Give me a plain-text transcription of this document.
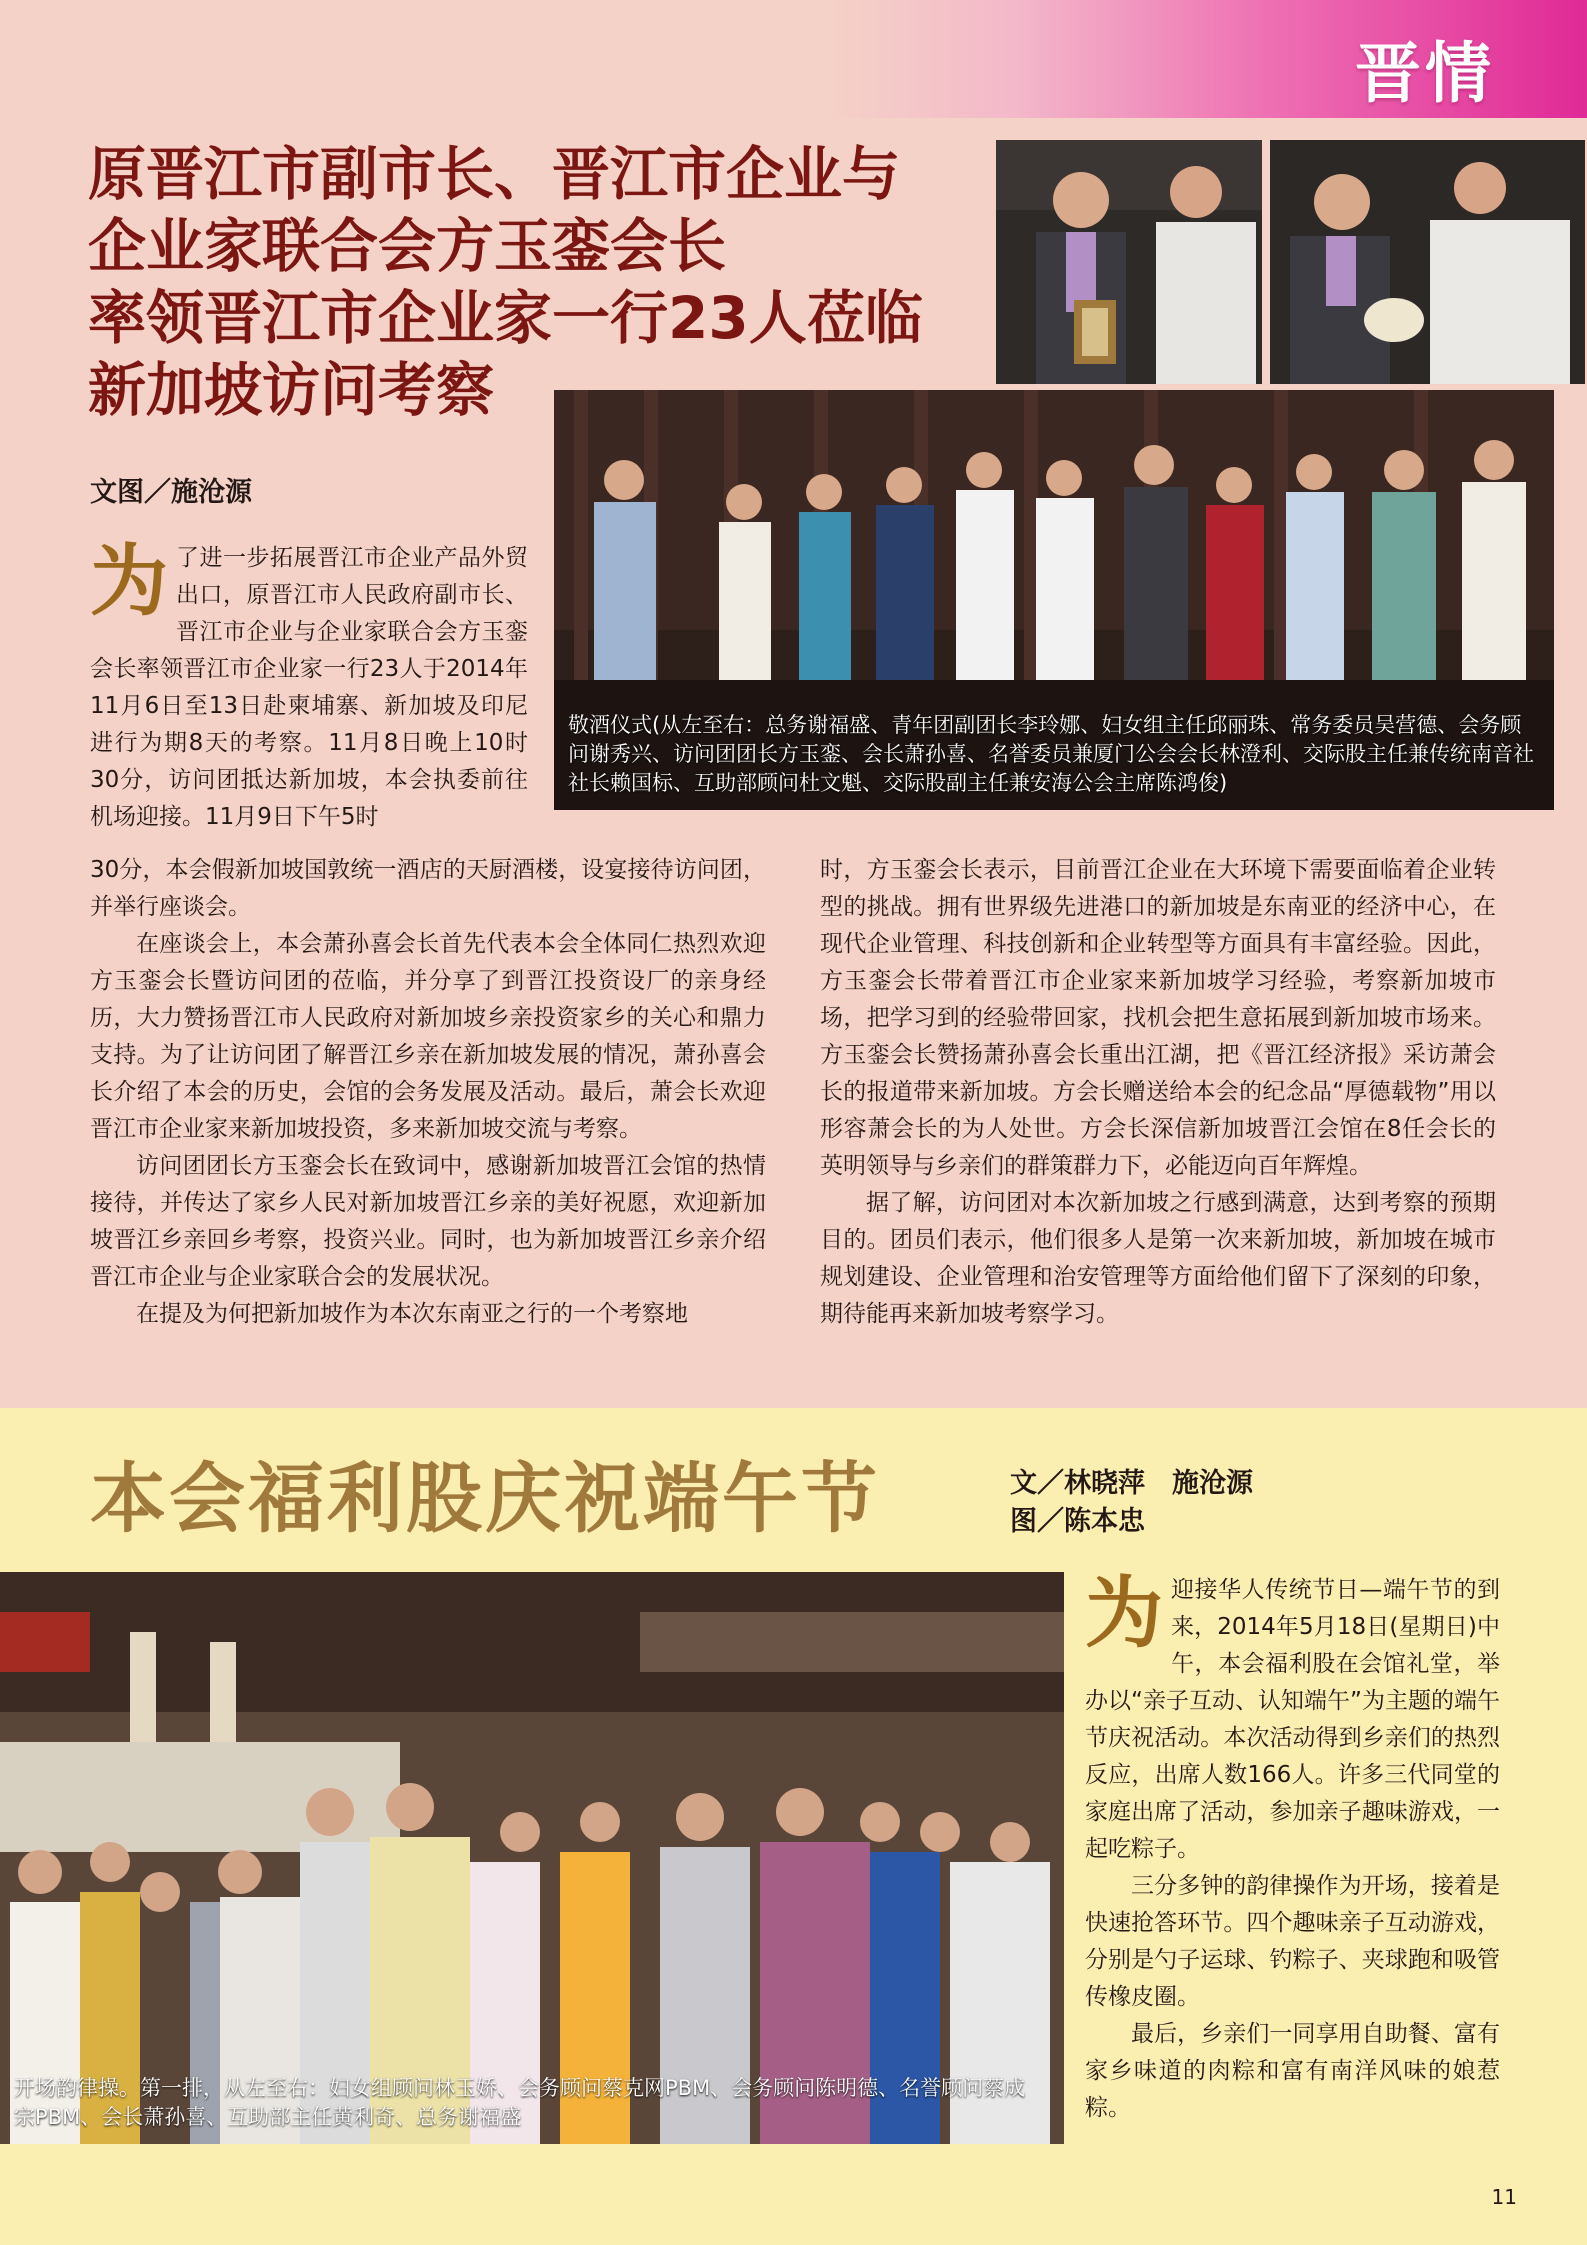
晋情
原晋江市副市长、晋江市企业与
企业家联合会方玉銮会长
率领晋江市企业家一行23人莅临
新加坡访问考察
文图／施沧源
敬酒仪式(从左至右：总务谢福盛、青年团副团长李玲娜、妇女组主任邱丽珠、常务委员吴营德、会务顾问谢秀兴、访问团团长方玉銮、会长萧孙喜、名誉委员兼厦门公会会长林澄利、交际股主任兼传统南音社社长赖国标、互助部顾问杜文魁、交际股副主任兼安海公会主席陈鸿俊)
为了进一步拓展晋江市企业产品外贸出口，原晋江市人民政府副市长、晋江市企业与企业家联合会方玉銮会长率领晋江市企业家一行23人于2014年11月6日至13日赴柬埔寨、新加坡及印尼进行为期8天的考察。11月8日晚上10时30分，访问团抵达新加坡，本会执委前往机场迎接。11月9日下午5时

30分，本会假新加坡国敦统一酒店的天厨酒楼，设宴接待访问团，并举行座谈会。

在座谈会上，本会萧孙喜会长首先代表本会全体同仁热烈欢迎方玉銮会长暨访问团的莅临，并分享了到晋江投资设厂的亲身经历，大力赞扬晋江市人民政府对新加坡乡亲投资家乡的关心和鼎力支持。为了让访问团了解晋江乡亲在新加坡发展的情况，萧孙喜会长介绍了本会的历史，会馆的会务发展及活动。最后，萧会长欢迎晋江市企业家来新加坡投资，多来新加坡交流与考察。

访问团团长方玉銮会长在致词中，感谢新加坡晋江会馆的热情接待，并传达了家乡人民对新加坡晋江乡亲的美好祝愿，欢迎新加坡晋江乡亲回乡考察，投资兴业。同时，也为新加坡晋江乡亲介绍晋江市企业与企业家联合会的发展状况。

在提及为何把新加坡作为本次东南亚之行的一个考察地

时，方玉銮会长表示，目前晋江企业在大环境下需要面临着企业转型的挑战。拥有世界级先进港口的新加坡是东南亚的经济中心，在现代企业管理、科技创新和企业转型等方面具有丰富经验。因此，方玉銮会长带着晋江市企业家来新加坡学习经验，考察新加坡市场，把学习到的经验带回家，找机会把生意拓展到新加坡市场来。方玉銮会长赞扬萧孙喜会长重出江湖，把《晋江经济报》采访萧会长的报道带来新加坡。方会长赠送给本会的纪念品“厚德载物”用以形容萧会长的为人处世。方会长深信新加坡晋江会馆在8任会长的英明领导与乡亲们的群策群力下，必能迈向百年辉煌。

据了解，访问团对本次新加坡之行感到满意，达到考察的预期目的。团员们表示，他们很多人是第一次来新加坡，新加坡在城市规划建设、企业管理和治安管理等方面给他们留下了深刻的印象，期待能再来新加坡考察学习。

本会福利股庆祝端午节	文／林晓萍　施沧源
图／陈本忠
开场韵律操。第一排，从左至右：妇女组顾问林玉娇、会务顾问蔡克网PBM、会务顾问陈明德、名誉顾问蔡成宗PBM、会长萧孙喜、互助部主任黄利奇、总务谢福盛

为迎接华人传统节日—端午节的到来，2014年5月18日(星期日)中午，本会福利股在会馆礼堂，举办以“亲子互动、认知端午”为主题的端午节庆祝活动。本次活动得到乡亲们的热烈反应，出席人数166人。许多三代同堂的家庭出席了活动，参加亲子趣味游戏，一起吃粽子。

三分多钟的韵律操作为开场，接着是快速抢答环节。四个趣味亲子互动游戏，分别是勺子运球、钓粽子、夹球跑和吸管传橡皮圈。

最后，乡亲们一同享用自助餐、富有家乡味道的肉粽和富有南洋风味的娘惹粽。

11
